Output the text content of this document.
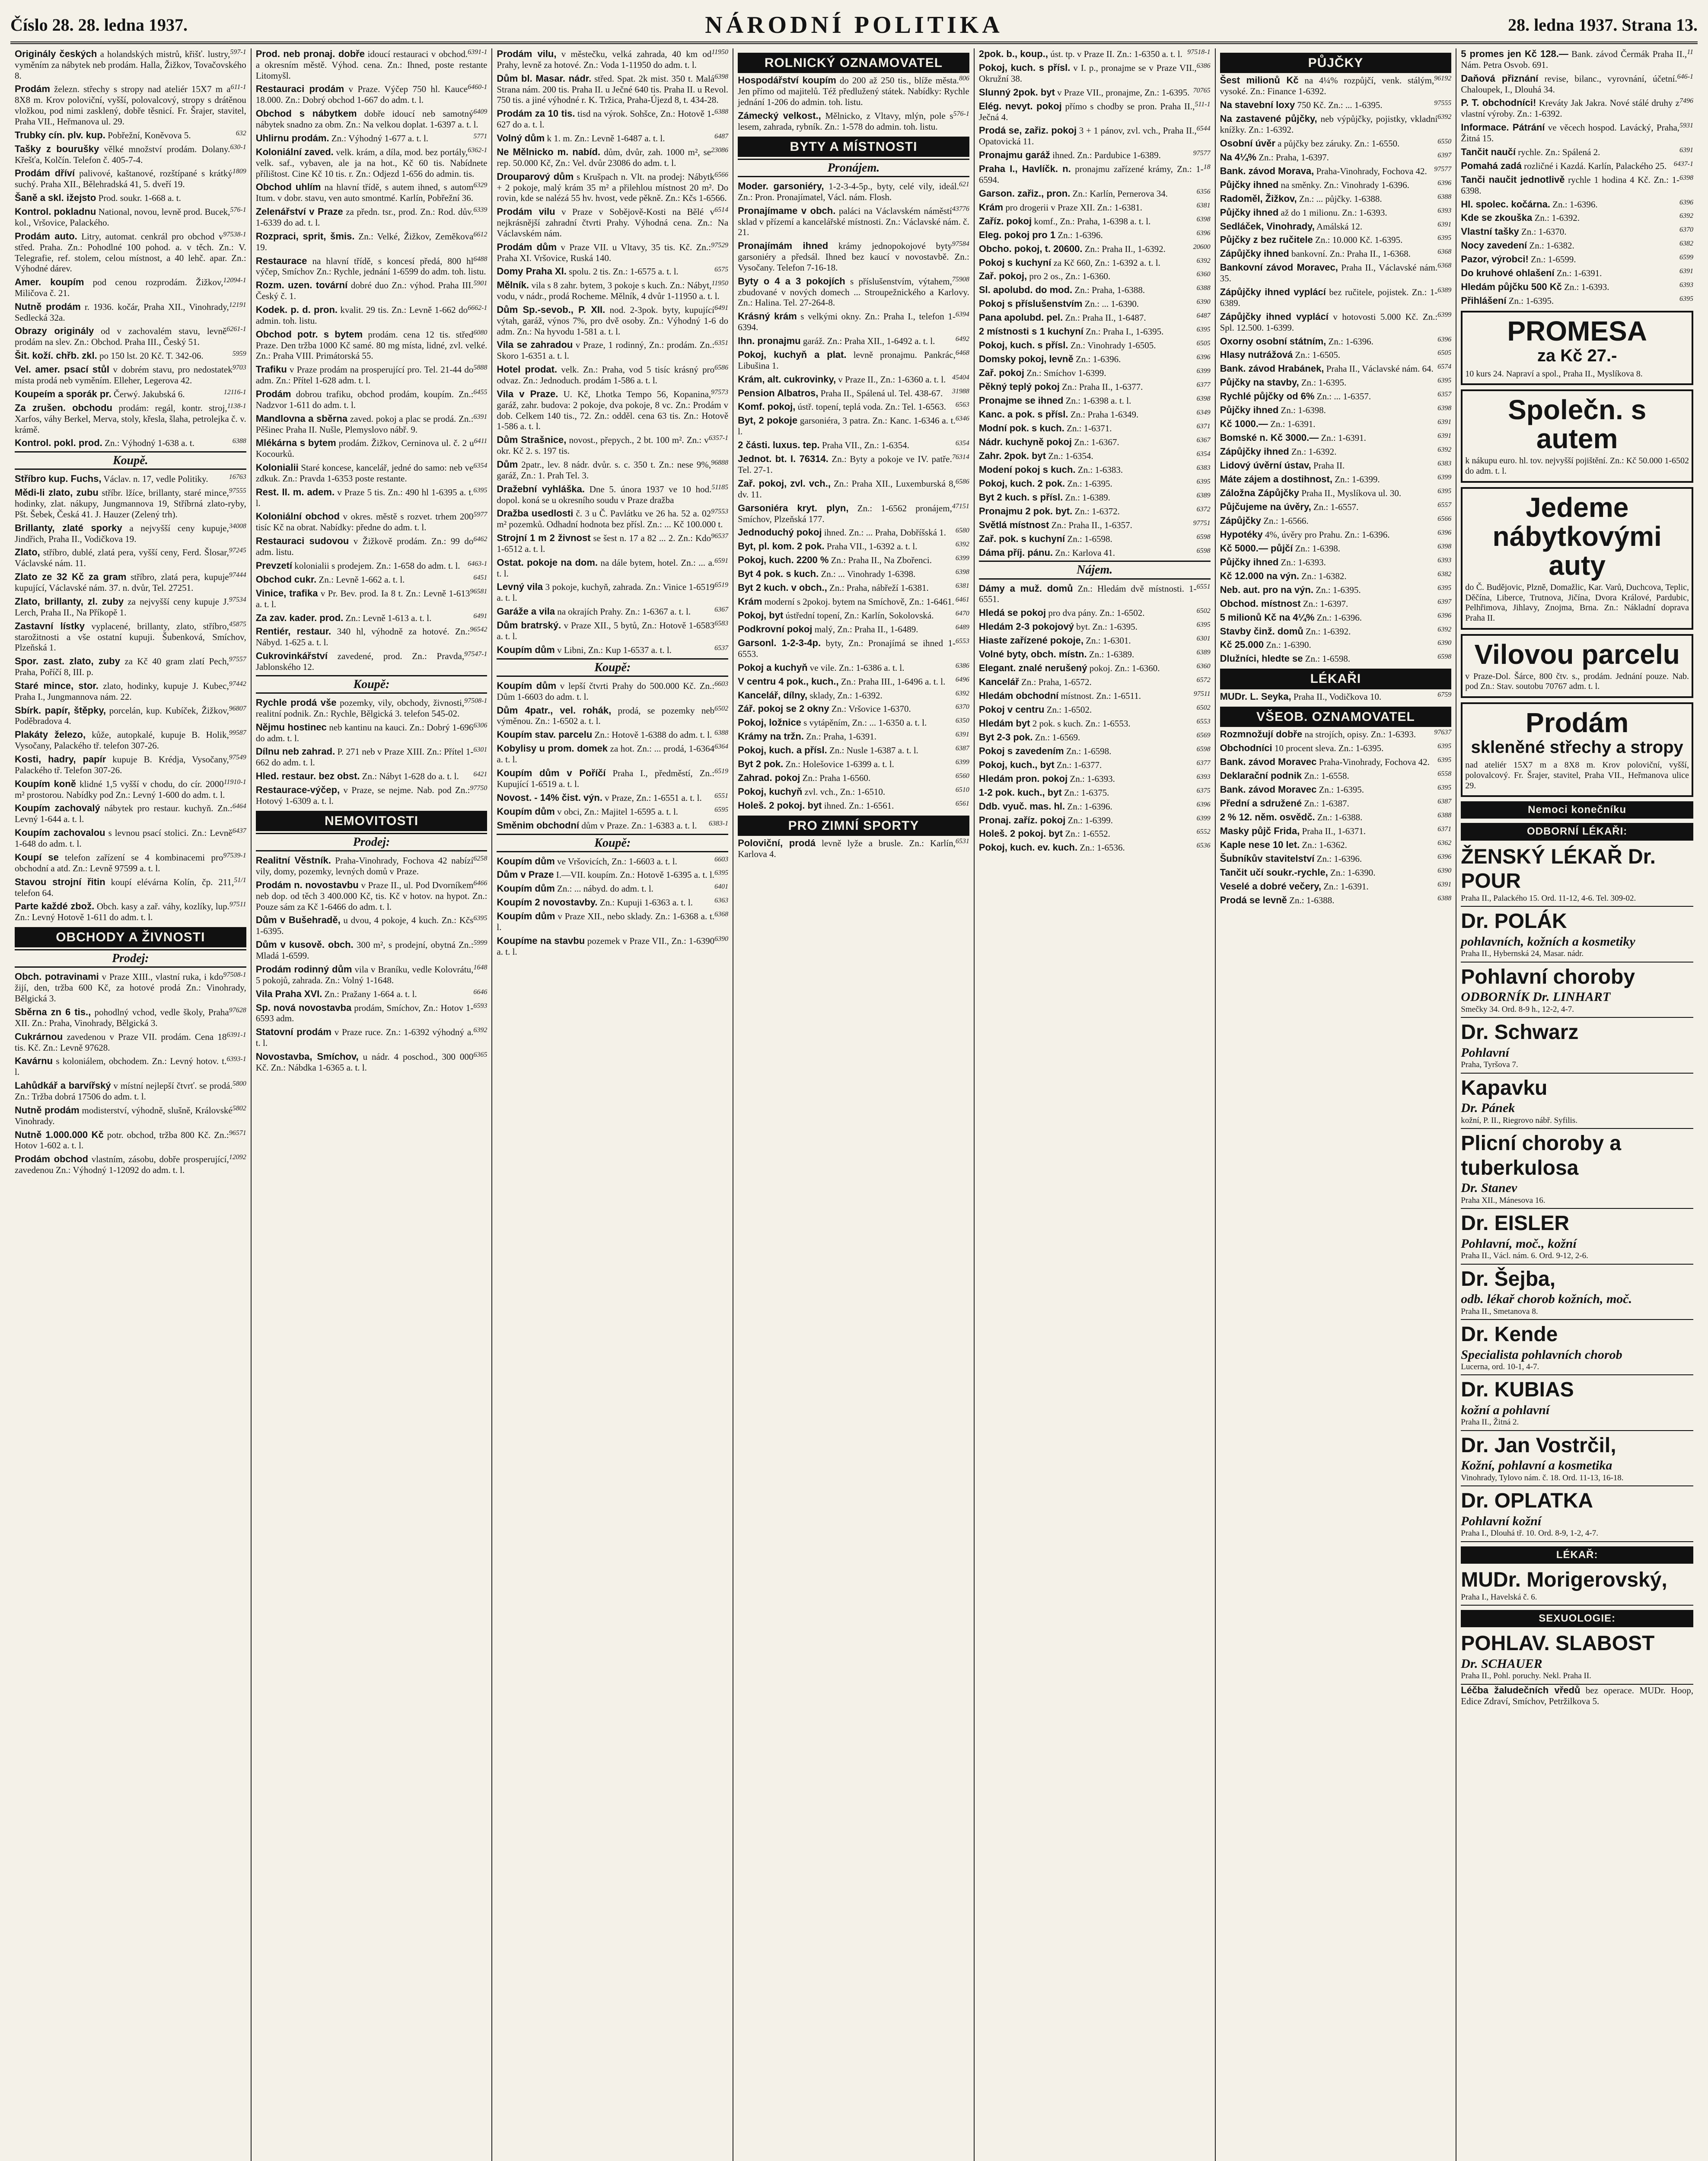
Číslo 28. 28. ledna 1937.	NÁRODNÍ POLITIKA	28. ledna 1937. Strana 13.

597-1
Originály českých a holandských mistrů, křišť. lustry, vyměním za nábytek neb prodám. Halla, Žižkov, Tovačovského 8.

611-1
Prodám železn. střechy s stropy nad ateliér 15X7 m a 8X8 m. Krov poloviční, vyšší, polovalcový, stropy s drátěnou vložkou, pod nimi zasklený, dobře těsnicí. Fr. Šrajer, stavitel, Praha VII., Heřmanova ul. 29.

632
Trubky cín. plv. kup. Pobřežní, Koněvova 5.

630-1
Tašky z bourušky vělké množství prodám. Dolany. Křešťa, Kolčín. Telefon č. 405-7-4.

1809
Prodám dříví palivové, kaštanové, rozštípané s krátký suchý. Praha XII., Bělehradská 41, 5. dveří 19.

Šaně a skl. ižejsto Prod. soukr. 1-668 a. t.

576-1
Kontrol. pokladnu National, novou, levně prod. Bucek, kol., Vršovice, Palackého.

97538-1
Prodám auto. Litry, automat. cenkrál pro obchod v střed. Praha. Zn.: Pohodlné 100 pohod. a. v těch. Zn.: V. Telegrafie, ref. stolem, celou místnost, a 40 lehč. apar. Zn.: Výhodné dárev.

12094-1
Amer. koupím pod cenou rozprodám. Žižkov, Miličova č. 21.

12191
Nutně prodám r. 1936. kočár, Praha XII., Vinohrady, Sedlecká 32a.

6261-1
Obrazy originály od v zachovalém stavu, levně prodám na slev. Zn.: Obchod. Praha III., Český 51.

5959
Šit. koží. chřb. zkl. po 150 lst. 20 Kč. T. 342-06.

9703
Vel. amer. psací stůl v dobrém stavu, pro nedostatek místa prodá neb vyměním. Elleher, Legerova 42.

12116-1
Koupeím a sporák pr. Čerwý. Jakubská 6.

1138-1
Za zrušen. obchodu prodám: regál, kontr. stroj, Xarfos, váhy Berkel, Merva, stoly, křesla, šlaha, petrolejka č. v. krámě.

6388
Kontrol. pokl. prod. Zn.: Výhodný 1-638 a. t.

Koupě.

16763
Stříbro kup. Fuchs, Václav. n. 17, vedle Politiky.

97555
Mědi-li zlato, zubu stříbr. lžíce, brillanty, staré mince, hodinky, zlat. nákupy, Jungmannova 19, Stříbrná zlato-ryby, Pšt. Šebek, Česká 41. J. Hauzer (Zelený trh).

34008
Brillanty, zlaté sporky a nejvyšší ceny kupuje, Jindřich, Praha II., Vodičkova 19.

97245
Zlato, stříbro, dublé, zlatá pera, vyšší ceny, Ferd. Šlosar, Václavské nám. 11.

97444
Zlato ze 32 Kč za gram stříbro, zlatá pera, kupuje kupující, Václavské nám. 37. n. dvůr, Tel. 27251.

97534
Zlato, brillanty, zl. zuby za nejvyšší ceny kupuje J. Lerch, Praha II., Na Příkopě 1.

45875
Zastavní lístky vyplacené, brillanty, zlato, stříbro, starožitnosti a vše ostatní kupuji. Šubenková, Smíchov, Plzeňská 1.

97557
Spor. zast. zlato, zuby za Kč 40 gram zlatí Pech, Praha, Poříčí 8, III. p.

97442
Staré mince, stor. zlato, hodinky, kupuje J. Kubec, Praha I., Jungmannova nám. 22.

96807
Sbírk. papír, štěpky, porcelán, kup. Kubíček, Žižkov, Poděbradova 4.

99587
Plakáty železo, kůže, autopkalé, kupuje B. Holik, Vysočany, Palackého tř. telefon 307-26.

97549
Kosti, hadry, papír kupuje B. Krédja, Vysočany, Palackého tř. Telefon 307-26.

11910-1
Koupím koně klidné 1,5 vyšší v chodu, do cír. 2000 m² prostorou. Nabídky pod Zn.: Levný 1-600 do adm. t. l.

6464
Koupím zachovalý nábytek pro restaur. kuchyň. Zn.: Levný 1-644 a. t. l.

6437
Koupím zachovalou s levnou psací stolici. Zn.: Levně 1-648 do adm. t. l.

97539-1
Koupí se telefon zařízení se 4 kombinacemi pro obchodní a atd. Zn.: Levně 97599 a. t. l.

51/1
Stavou strojní řitin koupí elévárna Kolín, čp. 211, telefon 64.

97511
Parte každé zbož. Obch. kasy a zař. váhy, kozlíky, lup. Zn.: Levný Hotově 1-611 do adm. t. l.

OBCHODY A ŽIVNOSTI
Prodej:

97508-1
Obch. potravinami v Praze XIII., vlastní ruka, i kdo žijí, den, tržba 600 Kč, za hotové prodá Zn.: Vinohrady, Bělgická 3.

97628
Sběrna zn 6 tis., pohodlný vchod, vedle školy, Praha XII. Zn.: Praha, Vinohrady, Bělgická 3.

6391-1
Cukrárnou zavedenou v Praze VII. prodám. Cena 18 tis. Kč. Zn.: Levně 97628.

6393-1
Kavárnu s koloniálem, obchodem. Zn.: Levný hotov. t. l.

5800
Lahůdkář a barvířský v místní nejlepší čtvrť. se prodá. Zn.: Tržba dobrá 17506 do adm. t. l.

5802
Nutně prodám modisterství, výhodně, slušně, Královské Vinohrady.

96571
Nutně 1.000.000 Kč potr. obchod, tržba 800 Kč. Zn.: Hotov 1-602 a. t. l.

12092
Prodám obchod vlastním, zásobu, dobře prosperující, zavedenou Zn.: Výhodný 1-12092 do adm. t. l.

6391-1
Prod. neb pronaj. dobře idoucí restauraci v obchod. a okresním městě. Výhod. cena. Zn.: Ihned, poste restante Litomyšl.

6460-1
Restauraci prodám v Praze. Výčep 750 hl. Kauce 18.000. Zn.: Dobrý obchod 1-667 do adm. t. l.

6409
Obchod s nábytkem dobře idoucí neb samotný nábytek snadno za obm. Zn.: Na velkou doplat. 1-6397 a. t. l.

5771
Uhlirnu prodám. Zn.: Výhodný 1-677 a. t. l.

6362-1
Koloniální zaved. velk. krám, a díla, mod. bez portály, velk. saf., vybaven, ale ja na hot., Kč 60 tis. Nabídnete přílištost. Cine Kč 10 tis. r. Zn.: Odjezd 1-656 do admin. tis.

6329
Obchod uhlím na hlavní třídě, s autem ihned, s autom Itum. v dobr. stavu, ven auto smontmé. Karlín, Pobřežní 36.

6339
Zelenářství v Praze za předn. tsr., prod. Zn.: Rod. dův. 1-6339 do ad. t. l.

6612
Rozpraci, sprit, šmis. Zn.: Velké, Žižkov, Zeměkova 19.

6488
Restaurace na hlavní třídě, s koncesí předá, 800 hl výčep, Smíchov Zn.: Rychle, jednání 1-6599 do adm. toh. listu.

5901
Rozm. uzen. tovární dobré duo Zn.: výhod. Praha III. Český č. 1.

6662-1
Kodek. p. d. pron. kvalit. 29 tis. Zn.: Levně 1-662 do admin. toh. listu.

6080
Obchod potr. s bytem prodám. cena 12 tis. střed Praze. Den tržba 1000 Kč samé. 80 mg místa, lidné, zvl. velké. Zn.: Praha VIII. Primátorská 55.

5888
Trafiku v Praze prodám na prosperující pro. Tel. 21-44 do adm. Zn.: Přítel 1-628 adm. t. l.

6455
Prodám dobrou trafiku, obchod prodám, koupím. Zn.: Nadzvor 1-611 do adm. t. l.

6391
Mandlovna a sběrna zaved. pokoj a plac se prodá. Zn.: Pěšinec Praha II. Nušle, Plemyslovo nábř. 9.

6411
Mlékárna s bytem prodám. Žižkov, Cerninova ul. č. 2 u Kocourků.

6354
Kolonialii Staré koncese, kancelář, jedné do samo: neb ve zdkuk. Zn.: Pravda 1-6353 poste restante.

6395
Rest. II. m. adem. v Praze 5 tis. Zn.: 490 hl 1-6395 a. t. l.

5977
Koloniální obchod v okres. městě s rozvet. trhem 200 tisíc Kč na obrat. Nabídky: předne do adm. t. l.

6462
Restauraci sudovou v Žižkově prodám. Zn.: 99 do adm. listu.

6463-1
Prevzetí kolonialii s prodejem. Zn.: 1-658 do adm. t. l.

6451
Obchod cukr. Zn.: Levně 1-662 a. t. l.

96581
Vinice, trafika v Pr. Bev. prod. Ia 8 t. Zn.: Levně 1-613 a. t. l.

6491
Za zav. kader. prod. Zn.: Levně 1-613 a. t. l.

96542
Rentiér, restaur. 340 hl, výhodně za hotové. Zn.: Nábyd. 1-625 a. t. l.

97547-1
Cukrovinkářství zavedené, prod. Zn.: Pravda, Jablonského 12.

Koupě:

97508-1
Rychle prodá vše pozemky, vily, obchody, živnosti, realitní podnik. Zn.: Rychle, Bělgická 3. telefon 545-02.

6306
Nějmu hostinec neb kantinu na kauci. Zn.: Dobrý 1-696 do adm. t. l.

6301
Dílnu neb zahrad. P. 271 neb v Praze XIII. Zn.: Přítel 1-662 do adm. t. l.

6421
Hled. restaur. bez obst. Zn.: Nábyt 1-628 do a. t. l.

97750
Restaurace-výčep, v Praze, se nejme. Nab. pod Zn.: Hotový 1-6309 a. t. l.

NEMOVITOSTI
Prodej:

6258
Realitní Věstník. Praha-Vinohrady, Fochova 42 nabízí vily, domy, pozemky, levných domů v Praze.

6466
Prodám n. novostavbu v Praze II., ul. Pod Dvorníkem neb dop. od těch 3 400.000 Kč, tis. Kč v hotov. na hypot. Zn.: Pouze sám za Kč 1-6466 do adm. t. l.

6395
Dům v Bušehradě, u dvou, 4 pokoje, 4 kuch. Zn.: Kčs 1-6395.

5999
Dům v kusově. obch. 300 m², s prodejní, obytná Zn.: Mladá 1-6599.

1648
Prodám rodinný dům vila v Braníku, vedle Kolovrátu, 5 pokojů, zahrada. Zn.: Volný 1-1648.

6646
Vila Praha XVI. Zn.: Pražany 1-664 a. t. l.

6593
Sp. nová novostavba prodám, Smíchov, Zn.: Hotov 1-6593 adm.

6392
Statovní prodám v Praze ruce. Zn.: 1-6392 výhodný a. t. l.

6365
Novostavba, Smíchov, u nádr. 4 poschod., 300 000 Kč. Zn.: Nábdka 1-6365 a. t. l.

11950
Prodám vilu, v městečku, velká zahrada, 40 km od Prahy, levně za hotové. Zn.: Voda 1-11950 do adm. t. l.

6398
Dům bl. Masar. nádr. střed. Spat. 2k mist. 350 t. Malá Strana nám. 200 tis. Praha II. u Ječné 640 tis. Praha II. u Revol. 750 tis. a jiné výhodné r. K. Tržica, Praha-Újezd 8, t. 434-28.

6388
Prodám za 10 tis. tisd na výrok. Sohšce, Zn.: Hotově 1-627 do a. t. l.

6487
Volný dům k 1. m. Zn.: Levně 1-6487 a. t. l.

23086
Ne Mělnicko m. nabíd. dům, dvůr, zah. 1000 m², se rep. 50.000 Kč, Zn.: Vel. dvůr 23086 do adm. t. l.

6566
Drouparový dům s Krušpach n. Vlt. na prodej: Nábytk + 2 pokoje, malý krám 35 m² a přilehlou místnost 20 m². Do rovin, kde se nalézá 55 hv. hvost, vede pěkně. Zn.: Kčs 1-6566.

6514
Prodám vilu v Praze v Sobějově-Kosti na Bělé v nejkrásnější zahradní čtvrti Prahy. Výhodná cena. Zn.: Na Václavském nám.

97529
Prodám dům v Praze VII. u Vltavy, 35 tis. Kč. Zn.: Praha XI. Vršovice, Ruská 140.

6575
Domy Praha XI. spolu. 2 tis. Zn.: 1-6575 a. t. l.

11950
Mělník. vila s 8 zahr. bytem, 3 pokoje s kuch. Zn.: Nábyt, vodu, v nádr., prodá Rocheme. Mělník, 4 dvůr 1-11950 a. t. l.

6491
Dům Sp.-sevob., P. XII. nod. 2-3pok. byty, kupující výtah, garáž, výnos 7%, pro dvě osoby. Zn.: Výhodný 1-6 do adm. Zn.: Na hyvodu 1-581 a. t. l.

6351
Vila se zahradou v Praze, 1 rodinný, Zn.: prodám. Zn.: Skoro 1-6351 a. t. l.

6586
Hotel prodat. velk. Zn.: Praha, vod 5 tisíc krásný pro odvaz. Zn.: Jednoduch. prodám 1-586 a. t. l.

97573
Vila v Praze. U. Kč, Lhotka Tempo 56, Kopanina, garáž, zahr. budova: 2 pokoje, dva pokoje, 8 vc. Zn.: Prodám v dob. Celkem 140 tis., 72. Zn.: odděl. cena 63 tis. Zn.: Hotově 1-586 a. t. l.

6357-1
Dům Strašnice, novost., přepych., 2 bt. 100 m². Zn.: v okr. Kč 2. s. 197 tis.

96888
Dům 2patr., lev. 8 nádr. dvůr. s. c. 350 t. Zn.: nese 9%, garáž, Zn.: 1. Prah Tel. 3.

51185
Dražební vyhláška. Dne 5. února 1937 ve 10 hod. dopol. koná se u okresního soudu v Praze dražba

97553
Dražba usedlosti č. 3 u Č. Pavlátku ve 26 ha. 52 a. 02 m² pozemků. Odhadní hodnota bez přísl. Zn.: ... Kč 100.000 t.

96537
Strojní 1 m 2 živnost se šest n. 17 a 82 ... 2. Zn.: Kdo 1-6512 a. t. l.

6591
Ostat. pokoje na dom. na dále bytem, hotel. Zn.: ... a. t. l.

6519
Levný vila 3 pokoje, kuchyň, zahrada. Zn.: Vinice 1-6519 a. t. l.

6367
Garáže a vila na okrajích Prahy. Zn.: 1-6367 a. t. l.

6583
Dům bratrský. v Praze XII., 5 bytů, Zn.: Hotově 1-6583 a. t. l.

6537
Koupím dům v Libni, Zn.: Kup 1-6537 a. t. l.

Koupě:

6603
Koupím dům v lepší čtvrti Prahy do 500.000 Kč. Zn.: Dům 1-6603 do adm. t. l.

6502
Dům 4patr., vel. rohák, prodá, se pozemky neb výměnou. Zn.: 1-6502 a. t. l.

6388
Koupím stav. parcelu Zn.: Hotově 1-6388 do adm. t. l.

6364
Kobylisy u prom. domek za hot. Zn.: ... prodá, 1-6364 a. t. l.

6519
Koupím dům v Poříčí Praha I., předměstí, Zn.: Kupující 1-6519 a. t. l.

6551
Novost. - 14% čist. výn. v Praze, Zn.: 1-6551 a. t. l.

6595
Koupím dům v obci, Zn.: Majitel 1-6595 a. t. l.

6383-1
Směnim obchodní dům v Praze. Zn.: 1-6383 a. t. l.

Koupě:

6603
Koupím dům ve Vršovicích, Zn.: 1-6603 a. t. l.

6395
Dům v Praze I.—VII. koupím. Zn.: Hotově 1-6395 a. t. l.

6401
Koupím dům Zn.: ... nábyd. do adm. t. l.

6363
Koupím 2 novostavby. Zn.: Kupuji 1-6363 a. t. l.

6368
Koupím dům v Praze XII., nebo sklady. Zn.: 1-6368 a. t. l.

6390
Koupíme na stavbu pozemek v Praze VII., Zn.: 1-6390 a. t. l.

ROLNICKÝ OZNAMOVATEL

806
Hospodářství koupím do 200 až 250 tis., blíže města. Jen přímo od majitelů. Též předlužený státek. Nabídky: Rychle jednání 1-206 do admin. toh. listu.

576-1
Zámecký velkost., Mělnicko, z Vltavy, mlýn, pole s lesem, zahrada, rybník. Zn.: 1-578 do admin. toh. listu.

BYTY A MÍSTNOSTI
Pronájem.

621
Moder. garsoniéry, 1-2-3-4-5p., byty, celé vily, ideál. Zn.: Pron. Pronajímatel, Václ. nám. Flosh.

43776
Pronajímame v obch. paláci na Václavském náměstí sklad v přízemí a kancelářské místnosti. Zn.: Václavské nám. č. 21.

97584
Pronajímám ihned krámy jednopokojové byty garsoniéry a předsál. Ihned bez kaucí v novostavbě. Zn.: Vysočany. Telefon 7-16-18.

75908
Byty o 4 a 3 pokojích s příslušenstvím, výtahem, zbudované v nových domech ... Stroupežnického a Karlovy. Zn.: Halina. Tel. 27-264-8.

6394
Krásný krám s velkými okny. Zn.: Praha I., telefon 1-6394.

6492
Ihn. pronajmu garáž. Zn.: Praha XII., 1-6492 a. t. l.

6468
Pokoj, kuchyň a plat. levně pronajmu. Pankrác, Libušina 1.

45404
Krám, alt. cukrovinky, v Praze II., Zn.: 1-6360 a. t. l.

31988
Pension Albatros, Praha II., Spálená ul. Tel. 438-67.

6563
Komf. pokoj, ústř. topení, teplá voda. Zn.: Tel. 1-6563.

6346
Byt, 2 pokoje garsoniéra, 3 patra. Zn.: Kanc. 1-6346 a. t. l.

6354
2 části. luxus. tep. Praha VII., Zn.: 1-6354.

76314
Jednot. bt. I. 76314. Zn.: Byty a pokoje ve IV. patře. Tel. 27-1.

6586
Zař. pokoj, zvl. vch., Zn.: Praha XII., Luxemburská 8, dv. 11.

47151
Garsoniéra kryt. plyn, Zn.: 1-6562 pronájem, Smíchov, Plzeňská 177.

6580
Jednoduchý pokoj ihned. Zn.: ... Praha, Dobříšská 1.

6392
Byt, pl. kom. 2 pok. Praha VII., 1-6392 a. t. l.

6399
Pokoj, kuch. 2200 % Zn.: Praha II., Na Zbořenci.

6398
Byt 4 pok. s kuch. Zn.: ... Vinohrady 1-6398.

6381
Byt 2 kuch. v obch., Zn.: Praha, nábřeží 1-6381.

6461
Krám moderní s 2pokoj. bytem na Smíchově, Zn.: 1-6461.

6470
Pokoj, byt ústřední topení, Zn.: Karlín, Sokolovská.

6489
Podkrovní pokoj malý, Zn.: Praha II., 1-6489.

6553
Garsonl. 1-2-3-4p. byty, Zn.: Pronajímá se ihned 1-6553.

6386
Pokoj a kuchyň ve vile. Zn.: 1-6386 a. t. l.

6496
V centru 4 pok., kuch., Zn.: Praha III., 1-6496 a. t. l.

6392
Kancelář, dílny, sklady, Zn.: 1-6392.

6370
Zář. pokoj se 2 okny Zn.: Vršovice 1-6370.

6350
Pokoj, ložnice s vytápěním, Zn.: ... 1-6350 a. t. l.

6391
Krámy na tržn. Zn.: Praha, 1-6391.

6387
Pokoj, kuch. a přísl. Zn.: Nusle 1-6387 a. t. l.

6399
Byt 2 pok. Zn.: Holešovice 1-6399 a. t. l.

6560
Zahrad. pokoj Zn.: Praha 1-6560.

6510
Pokoj, kuchyň zvl. vch., Zn.: 1-6510.

6561
Holeš. 2 pokoj. byt ihned. Zn.: 1-6561.

PRO ZIMNÍ SPORTY

6531
Poloviční, prodá levně lyže a brusle. Zn.: Karlín, Karlova 4.

97518-1
2pok. b., koup., úst. tp. v Praze II. Zn.: 1-6350 a. t. l.

6386
Pokoj, kuch. s přísl. v I. p., pronajme se v Praze VII., Okružní 38.

70765
Slunný 2pok. byt v Praze VII., pronajme, Zn.: 1-6395.

511-1
Elég. nevyt. pokoj přímo s chodby se pron. Praha II., Ječná 4.

6544
Prodá se, zařiz. pokoj 3 + 1 pánov, zvl. vch., Praha II., Opatovická 11.

97577
Pronajmu garáž ihned. Zn.: Pardubice 1-6389.

18
Praha I., Havlíčk. n. pronajmu zařízené krámy, Zn.: 1-6594.

6356
Garson. zařiz., pron. Zn.: Karlín, Pernerova 34.

6381
Krám pro drogerii v Praze XII. Zn.: 1-6381.

6398
Zaříz. pokoj komf., Zn.: Praha, 1-6398 a. t. l.

6396
Eleg. pokoj pro 1 Zn.: 1-6396.

20600
Obcho. pokoj, t. 20600. Zn.: Praha II., 1-6392.

6392
Pokoj s kuchyní za Kč 660, Zn.: 1-6392 a. t. l.

6360
Zař. pokoj, pro 2 os., Zn.: 1-6360.

6388
Sl. apolubd. do mod. Zn.: Praha, 1-6388.

6390
Pokoj s příslušenstvím Zn.: ... 1-6390.

6487
Pana apolubd. pel. Zn.: Praha II., 1-6487.

6395
2 místnosti s 1 kuchyní Zn.: Praha I., 1-6395.

6505
Pokoj, kuch. s přísl. Zn.: Vinohrady 1-6505.

6396
Domsky pokoj, levně Zn.: 1-6396.

6399
Zař. pokoj Zn.: Smíchov 1-6399.

6377
Pěkný teplý pokoj Zn.: Praha II., 1-6377.

6398
Pronajme se ihned Zn.: 1-6398 a. t. l.

6349
Kanc. a pok. s přísl. Zn.: Praha 1-6349.

6371
Modní pok. s kuch. Zn.: 1-6371.

6367
Nádr. kuchyně pokoj Zn.: 1-6367.

6354
Zahr. 2pok. byt Zn.: 1-6354.

6383
Modení pokoj s kuch. Zn.: 1-6383.

6395
Pokoj, kuch. 2 pok. Zn.: 1-6395.

6389
Byt 2 kuch. s přísl. Zn.: 1-6389.

6372
Pronajmu 2 pok. byt. Zn.: 1-6372.

97751
Světlá místnost Zn.: Praha II., 1-6357.

6598
Zař. pok. s kuchyní Zn.: 1-6598.

6598
Dáma příj. pánu. Zn.: Karlova 41.

Nájem.

6551
Dámy a muž. domů Zn.: Hledám dvě místnosti. 1-6551.

6502
Hledá se pokoj pro dva pány. Zn.: 1-6502.

6395
Hledám 2-3 pokojový byt. Zn.: 1-6395.

6301
Hiaste zařízené pokoje, Zn.: 1-6301.

6389
Volné byty, obch. místn. Zn.: 1-6389.

6360
Elegant. znalé nerušený pokoj. Zn.: 1-6360.

6572
Kancelář Zn.: Praha, 1-6572.

97511
Hledám obchodní místnost. Zn.: 1-6511.

6502
Pokoj v centru Zn.: 1-6502.

6553
Hledám byt 2 pok. s kuch. Zn.: 1-6553.

6569
Byt 2-3 pok. Zn.: 1-6569.

6598
Pokoj s zavedením Zn.: 1-6598.

6377
Pokoj, kuch., byt Zn.: 1-6377.

6393
Hledám pron. pokoj Zn.: 1-6393.

6375
1-2 pok. kuch., byt Zn.: 1-6375.

6396
Ddb. vyuč. mas. hl. Zn.: 1-6396.

6399
Pronaj. zaříz. pokoj Zn.: 1-6399.

6552
Holeš. 2 pokoj. byt Zn.: 1-6552.

6536
Pokoj, kuch. ev. kuch. Zn.: 1-6536.

PŮJČKY

96192
Šest milionů Kč na 4¼% rozpůjčí, venk. stálým, vysoké. Zn.: Finance 1-6392.

97555
Na stavební loxy 750 Kč. Zn.: ... 1-6395.

6392
Na zastavené půjčky, neb výpůjčky, pojistky, vkladní knížky. Zn.: 1-6392.

6550
Osobní úvěr a půjčky bez záruky. Zn.: 1-6550.

6397
Na 4¼% Zn.: Praha, 1-6397.

97577
Bank. závod Morava, Praha-Vinohrady, Fochova 42.

6396
Půjčky ihned na směnky. Zn.: Vinohrady 1-6396.

6388
Radoměl, Žižkov, Zn.: ... půjčky. 1-6388.

6393
Půjčky ihned až do 1 milionu. Zn.: 1-6393.

6391
Sedláček, Vinohrady, Amálská 12.

6395
Půjčky z bez ručitele Zn.: 10.000 Kč. 1-6395.

6368
Zápůjčky ihned bankovní. Zn.: Praha II., 1-6368.

6368
Bankovní závod Moravec, Praha II., Václavské nám. 35.

6389
Zápůjčky ihned vyplácí bez ručitele, pojistek. Zn.: 1-6389.

6399
Zápůjčky ihned vyplácí v hotovosti 5.000 Kč. Zn.: Spl. 12.500. 1-6399.

6396
Oxorny osobní státním, Zn.: 1-6396.

6505
Hlasy nutrážová Zn.: 1-6505.

6574
Bank. závod Hrabánek, Praha II., Václavské nám. 64.

6395
Půjčky na stavby, Zn.: 1-6395.

6357
Rychlé půjčky od 6% Zn.: ... 1-6357.

6398
Půjčky ihned Zn.: 1-6398.

6391
Kč 1000.— Zn.: 1-6391.

6391
Bomské n. Kč 3000.— Zn.: 1-6391.

6392
Zápůjčky ihned Zn.: 1-6392.

6383
Lidový úvěrní ústav, Praha II.

6399
Máte zájem a dostihnost, Zn.: 1-6399.

6395
Záložna Zápůjčky Praha II., Myslíkova ul. 30.

6557
Půjčujeme na úvěry, Zn.: 1-6557.

6566
Zápůjčky Zn.: 1-6566.

6396
Hypotéky 4%, úvěry pro Prahu. Zn.: 1-6396.

6398
Kč 5000.— půjčí Zn.: 1-6398.

6393
Půjčky ihned Zn.: 1-6393.

6382
Kč 12.000 na výn. Zn.: 1-6382.

6395
Neb. aut. pro na výn. Zn.: 1-6395.

6397
Obchod. místnost Zn.: 1-6397.

6396
5 milionů Kč na 4¼% Zn.: 1-6396.

6392
Stavby činž. domů Zn.: 1-6392.

6390
Kč 25.000 Zn.: 1-6390.

6598
Dlužníci, hledte se Zn.: 1-6598.

LÉKAŘI

6759
MUDr. L. Seyka, Praha II., Vodičkova 10.

VŠEOB. OZNAMOVATEL

97637
Rozmnožují dobře na strojích, opisy. Zn.: 1-6393.

6395
Obchodníci 10 procent sleva. Zn.: 1-6395.

6395
Bank. závod Moravec Praha-Vinohrady, Fochova 42.

6558
Deklarační podnik Zn.: 1-6558.

6395
Bank. závod Moravec Zn.: 1-6395.

6387
Přední a sdružené Zn.: 1-6387.

6388
2 % 12. něm. osvědč. Zn.: 1-6388.

6371
Masky půjč Frida, Praha II., 1-6371.

6362
Kaple nese 10 let. Zn.: 1-6362.

6396
Šubníkův stavitelství Zn.: 1-6396.

6390
Tančit učí soukr.-rychle, Zn.: 1-6390.

6391
Veselé a dobré večery, Zn.: 1-6391.

6388
Prodá se levně Zn.: 1-6388.

11
5 promes jen Kč 128.— Bank. závod Čermák Praha II., Nám. Petra Osvob. 691.

646-1
Daňová přiznání revise, bilanc., vyrovnání, účetní. Chaloupek, I., Dlouhá 34.

7496
P. T. obchodníci! Kreváty Jak Jakra. Nové stálé druhy z vlastní výroby. Zn.: 1-6392.

5931
Informace. Pátrání ve věcech hospod. Lavácký, Praha, Žitná 15.

6391
Tančit naučí rychle. Zn.: Spálená 2.

6437-1
Pomahá zadá rozličné i Kazdá. Karlín, Palackého 25.

6398
Tanči naučit jednotlivě rychle 1 hodina 4 Kč. Zn.: 1-6398.

6396
Hl. spolec. kočárna. Zn.: 1-6396.

6392
Kde se zkouška Zn.: 1-6392.

6370
Vlastní tašky Zn.: 1-6370.

6382
Nocy zavedení Zn.: 1-6382.

6599
Pazor, výrobci! Zn.: 1-6599.

6391
Do kruhové ohlašení Zn.: 1-6391.

6393
Hledám půjčku 500 Kč Zn.: 1-6393.

6395
Přihlášení Zn.: 1-6395.

PROMESA
za Kč 27.-
10 kurs 24. Napraví a spol., Praha II., Myslíkova 8.
Společn. s autem
k nákupu euro. hl. tov. nejvyšší pojištění. Zn.: Kč 50.000 1-6502 do adm. t. l.
Jedeme nábytkovými auty
do Č. Budějovic, Plzně, Domažlic, Kar. Varů, Duchcova, Teplic, Děčína, Liberce, Trutnova, Jičína, Dvora Králové, Pardubic, Pelhřimova, Jihlavy, Znojma, Brna. Zn.: Nákladní doprava Praha II.
Vilovou parcelu
v Praze-Dol. Šárce, 800 čtv. s., prodám. Jednání pouze. Nab. pod Zn.: Stav. soutobu 70767 adm. t. l.
Prodám
skleněné střechy a stropy
nad ateliér 15X7 m a 8X8 m. Krov poloviční, vyšší, polovalcový. Fr. Šrajer, stavitel, Praha VII., Heřmanova ulice 29.
Nemoci konečníku
ODBORNÍ LÉKAŘI:
ŽENSKÝ LÉKAŘ Dr. POUR
Praha II., Palackého 15. Ord. 11-12, 4-6. Tel. 309-02.
Dr. POLÁK
pohlavních, kožních a kosmetiky
Praha II., Hybernská 24, Masar. nádr.
Pohlavní choroby
ODBORNÍK Dr. LINHART
Smečky 34. Ord. 8-9 h., 12-2, 4-7.
Dr. Schwarz
Pohlavní
Praha, Tyršova 7.
Kapavku
Dr. Pánek
kožní, P. II., Riegrovo nábř. Syfilis.
Plicní choroby a tuberkulosa
Dr. Stanev
Praha XII., Mánesova 16.
Dr. EISLER
Pohlavní, moč., kožní
Praha II., Václ. nám. 6. Ord. 9-12, 2-6.
Dr. Šejba,
odb. lékař chorob kožních, moč.
Praha II., Smetanova 8.
Dr. Kende
Specialista pohlavních chorob
Lucerna, ord. 10-1, 4-7.
Dr. KUBIAS
kožní a pohlavní
Praha II., Žitná 2.
Dr. Jan Vostrčil,
Kožní, pohlavní a kosmetika
Vinohrady, Tylovo nám. č. 18. Ord. 11-13, 16-18.
Dr. OPLATKA
Pohlavní kožní
Praha I., Dlouhá tř. 10. Ord. 8-9, 1-2, 4-7.
LÉKAŘ:
MUDr. Morigerovský,
Praha I., Havelská č. 6.
SEXUOLOGIE:
POHLAV. SLABOST
Dr. SCHAUER
Praha II., Pohl. poruchy. Nekl. Praha II.

Léčba žaludečních vředů bez operace. MUDr. Hoop, Edice Zdraví, Smíchov, Petržilkova 5.
